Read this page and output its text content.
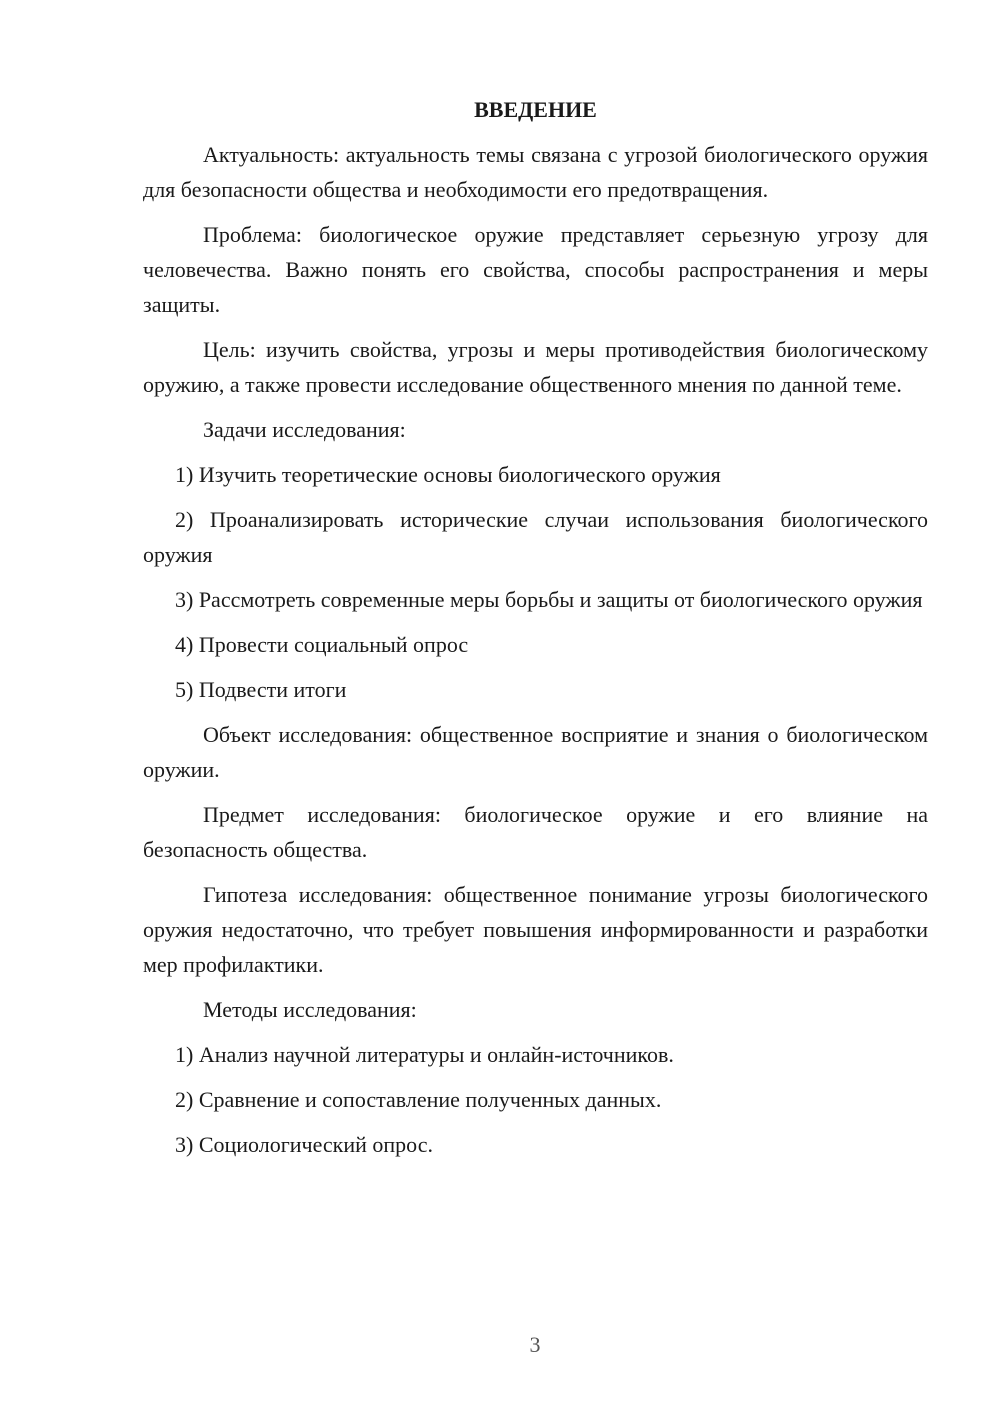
ВВЕДЕНИЕ

Актуальность: актуальность темы связана с угрозой биологического оружия для безопасности общества и необходимости его предотвращения.

Проблема: биологическое оружие представляет серьезную угрозу для человечества. Важно понять его свойства, способы распространения и меры защиты.

Цель: изучить свойства, угрозы и меры противодействия биологическому оружию, а также провести исследование общественного мнения по данной теме.

Задачи исследования:

1) Изучить теоретические основы биологического оружия

2) Проанализировать исторические случаи использования биологического оружия

3) Рассмотреть современные меры борьбы и защиты от биологического оружия

4) Провести социальный опрос

5) Подвести итоги

Объект исследования: общественное восприятие и знания о биологическом оружии.

Предмет исследования: биологическое оружие и его влияние на безопасность общества.

Гипотеза исследования: общественное понимание угрозы биологического оружия недостаточно, что требует повышения информированности и разработки мер профилактики.

Методы исследования:

1) Анализ научной литературы и онлайн-источников.

2) Сравнение и сопоставление полученных данных.

3) Социологический опрос.

3
